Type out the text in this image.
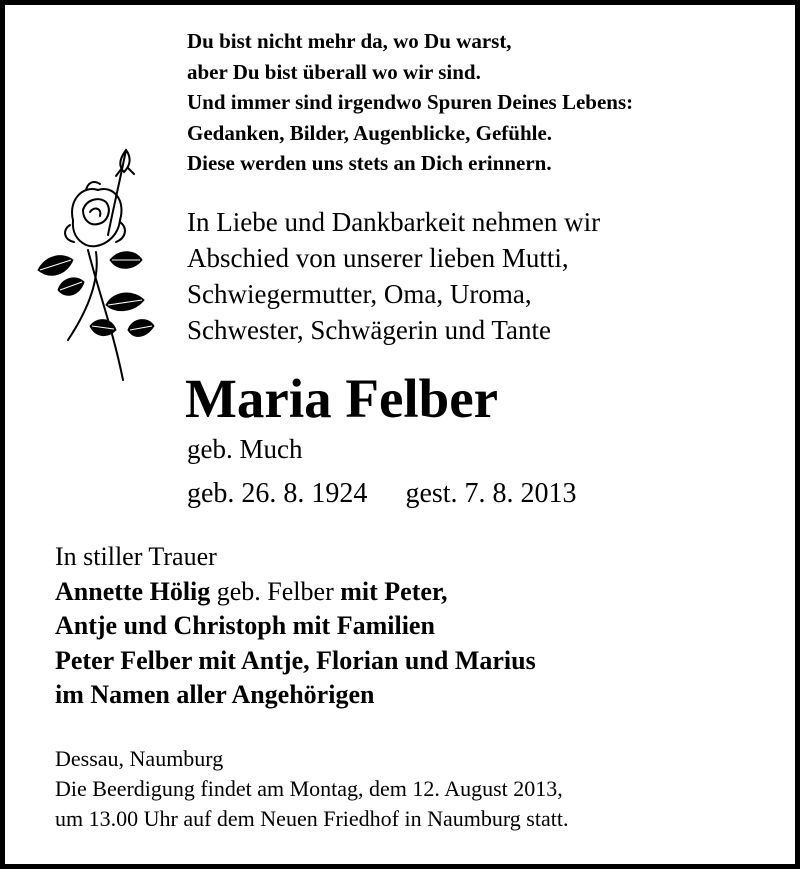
Du bist nicht mehr da, wo Du warst,
aber Du bist überall wo wir sind.
Und immer sind irgendwo Spuren Deines Lebens:
Gedanken, Bilder, Augenblicke, Gefühle.
Diese werden uns stets an Dich erinnern.
In Liebe und Dankbarkeit nehmen wir
Abschied von unserer lieben Mutti,
Schwiegermutter, Oma, Uroma,
Schwester, Schwägerin und Tante
Maria Felber
geb. Much
geb. 26. 8. 1924 gest. 7. 8. 2013
In stiller Trauer
Annette Hölig geb. Felber mit Peter,
Antje und Christoph mit Familien
Peter Felber mit Antje, Florian und Marius
im Namen aller Angehörigen
Dessau, Naumburg
Die Beerdigung findet am Montag, dem 12. August 2013,
um 13.00 Uhr auf dem Neuen Friedhof in Naumburg statt.
